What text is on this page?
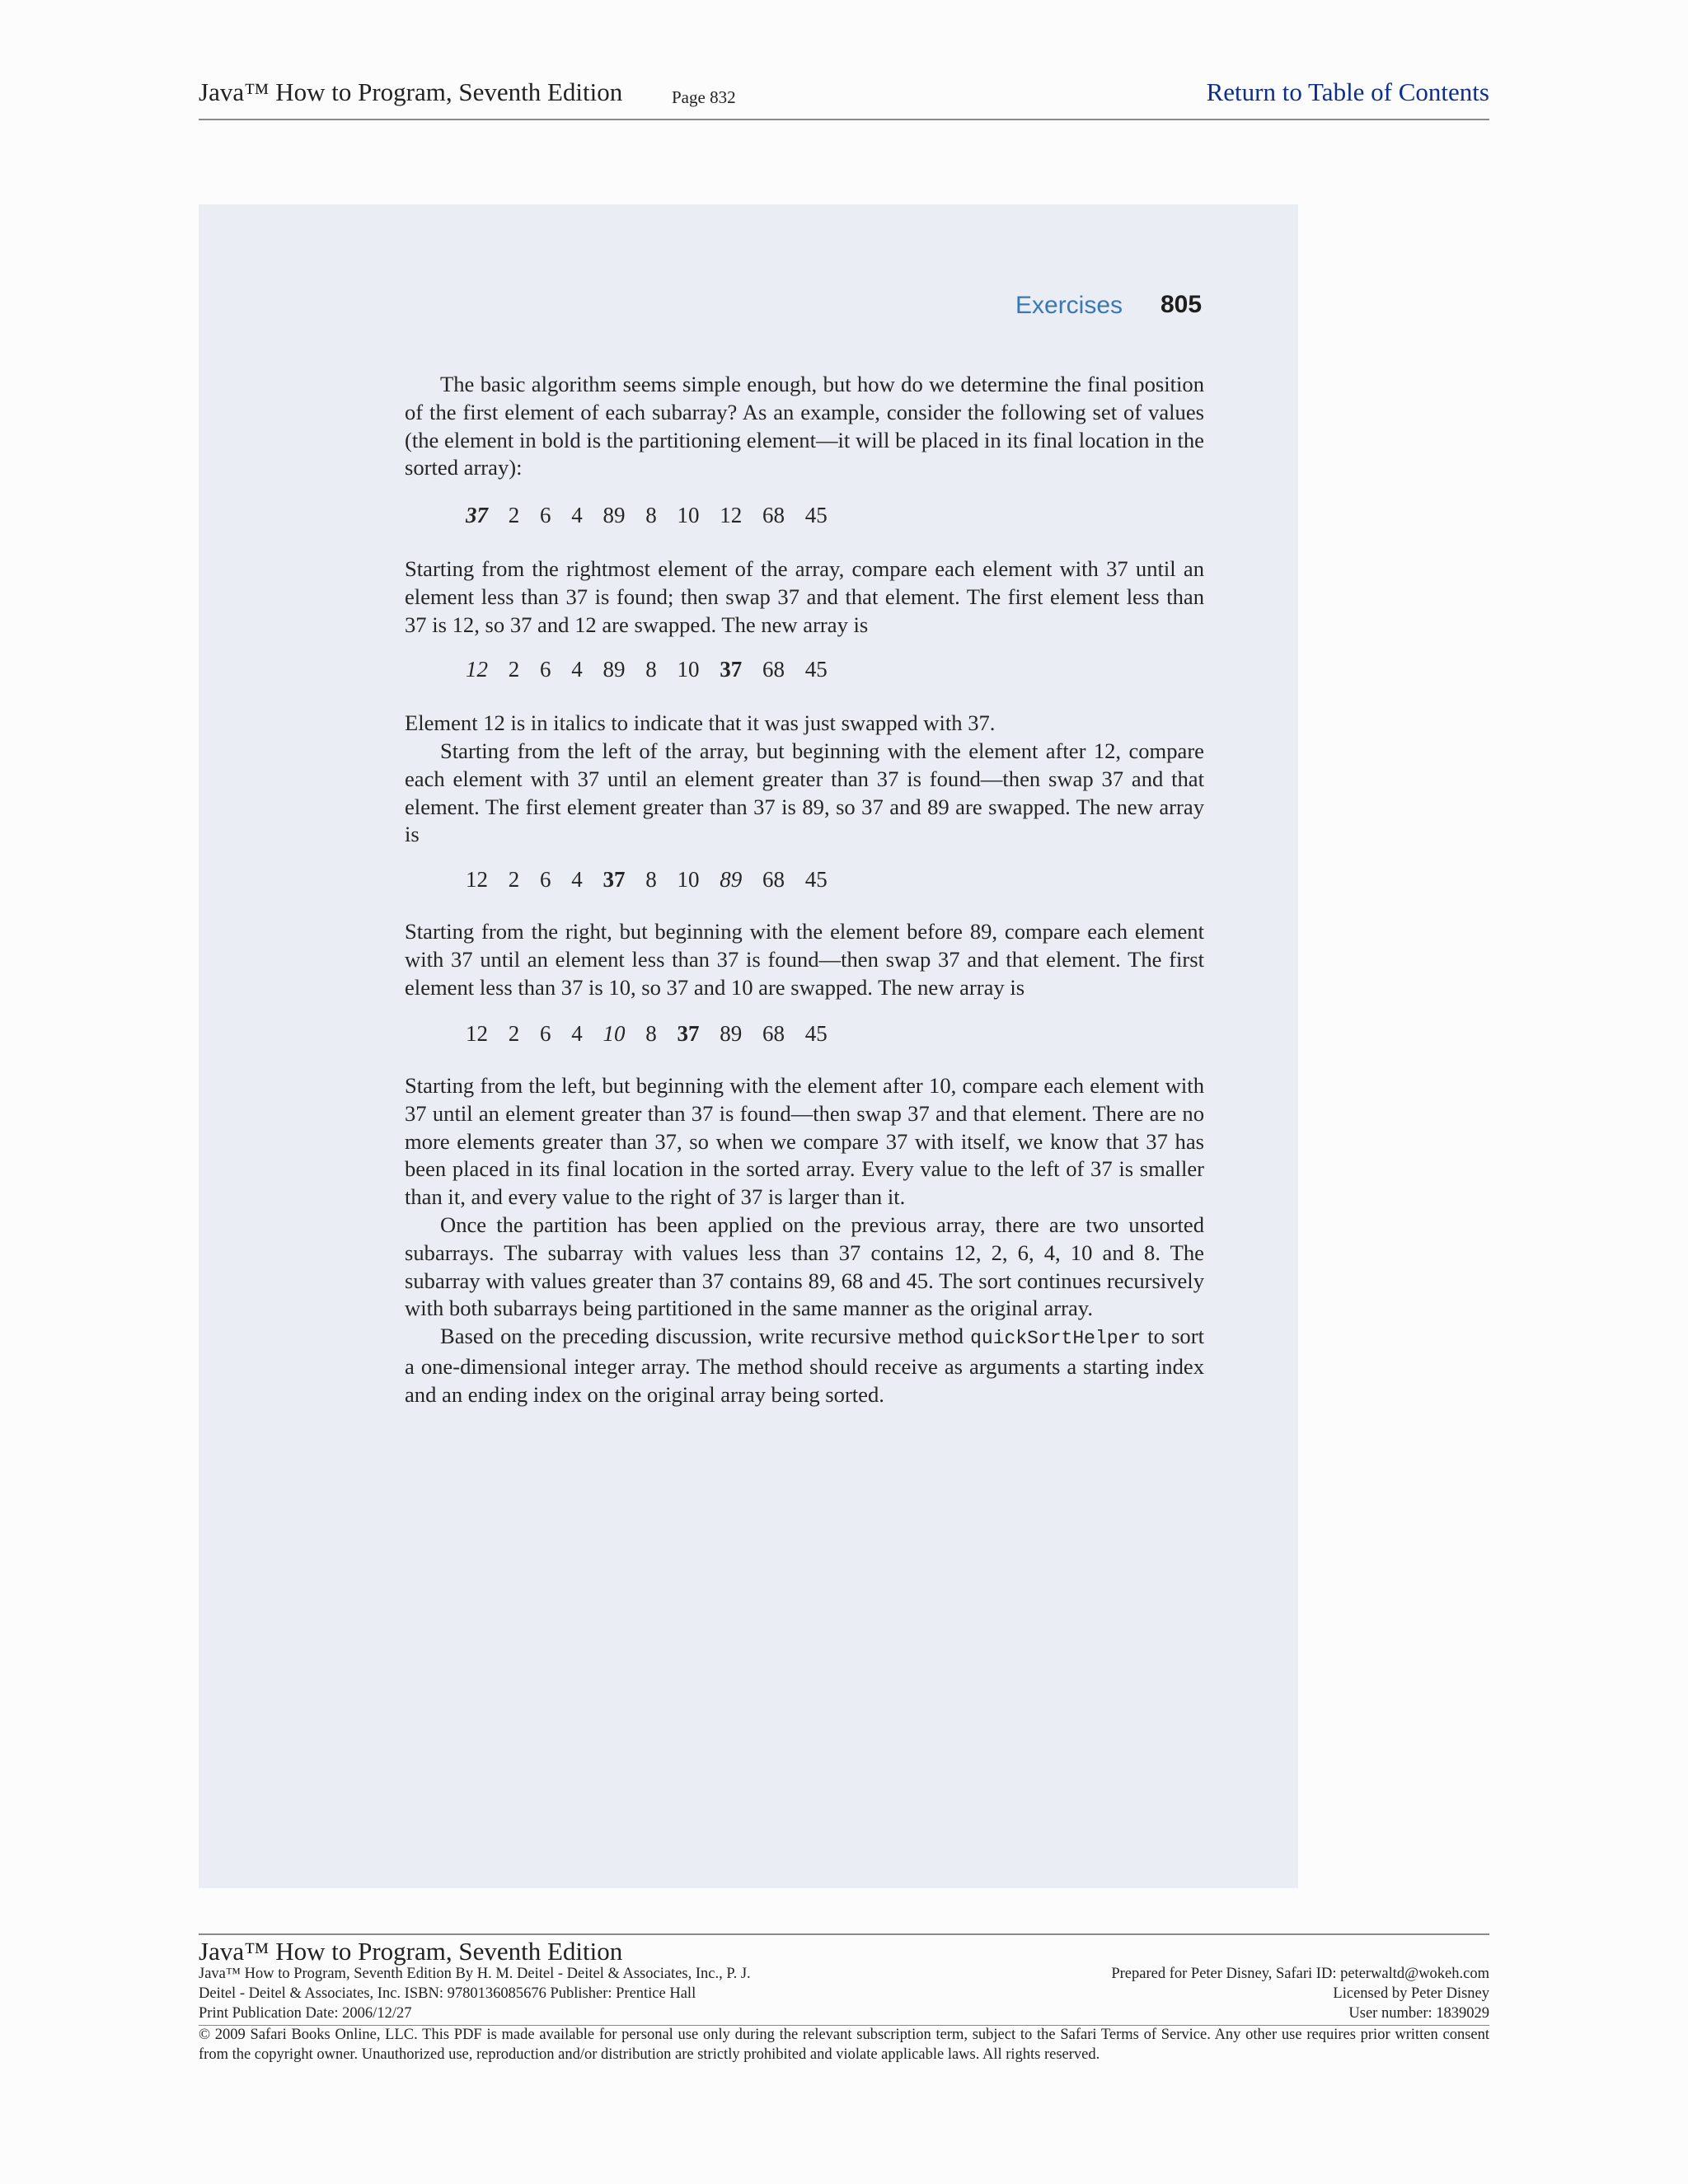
Java™ How to Program, Seventh Edition	Page 832	Return to Table of Contents
Exercises 805
The basic algorithm seems simple enough, but how do we determine the final position of the first element of each subarray? As an example, consider the following set of values (the element in bold is the partitioning element—it will be placed in its final location in the sorted array):
37 2 6 4 89 8 10 12 68 45
Starting from the rightmost element of the array, compare each element with 37 until an element less than 37 is found; then swap 37 and that element. The first element less than 37 is 12, so 37 and 12 are swapped. The new array is
12 2 6 4 89 8 10 37 68 45
Element 12 is in italics to indicate that it was just swapped with 37.
Starting from the left of the array, but beginning with the element after 12, compare each element with 37 until an element greater than 37 is found—then swap 37 and that element. The first element greater than 37 is 89, so 37 and 89 are swapped. The new array is
12 2 6 4 37 8 10 89 68 45
Starting from the right, but beginning with the element before 89, compare each element with 37 until an element less than 37 is found—then swap 37 and that element. The first element less than 37 is 10, so 37 and 10 are swapped. The new array is
12 2 6 4 10 8 37 89 68 45
Starting from the left, but beginning with the element after 10, compare each element with 37 until an element greater than 37 is found—then swap 37 and that element. There are no more elements greater than 37, so when we compare 37 with itself, we know that 37 has been placed in its final location in the sorted array. Every value to the left of 37 is smaller than it, and every value to the right of 37 is larger than it.
Once the partition has been applied on the previous array, there are two unsorted subarrays. The subarray with values less than 37 contains 12, 2, 6, 4, 10 and 8. The subarray with values greater than 37 contains 89, 68 and 45. The sort continues recursively with both subarrays being partitioned in the same manner as the original array.
Based on the preceding discussion, write recursive method quickSortHelper to sort a one-dimensional integer array. The method should receive as arguments a starting index and an ending index on the original array being sorted.
Java™ How to Program, Seventh Edition
Java™ How to Program, Seventh Edition By H. M. Deitel - Deitel & Associates, Inc., P. J.
Deitel - Deitel & Associates, Inc. ISBN: 9780136085676 Publisher: Prentice Hall
Print Publication Date: 2006/12/27
Prepared for Peter Disney, Safari ID: peterwaltd@wokeh.com
Licensed by Peter Disney
User number: 1839029
© 2009 Safari Books Online, LLC. This PDF is made available for personal use only during the relevant subscription term, subject to the Safari Terms of Service. Any other use requires prior written consent from the copyright owner. Unauthorized use, reproduction and/or distribution are strictly prohibited and violate applicable laws. All rights reserved.
